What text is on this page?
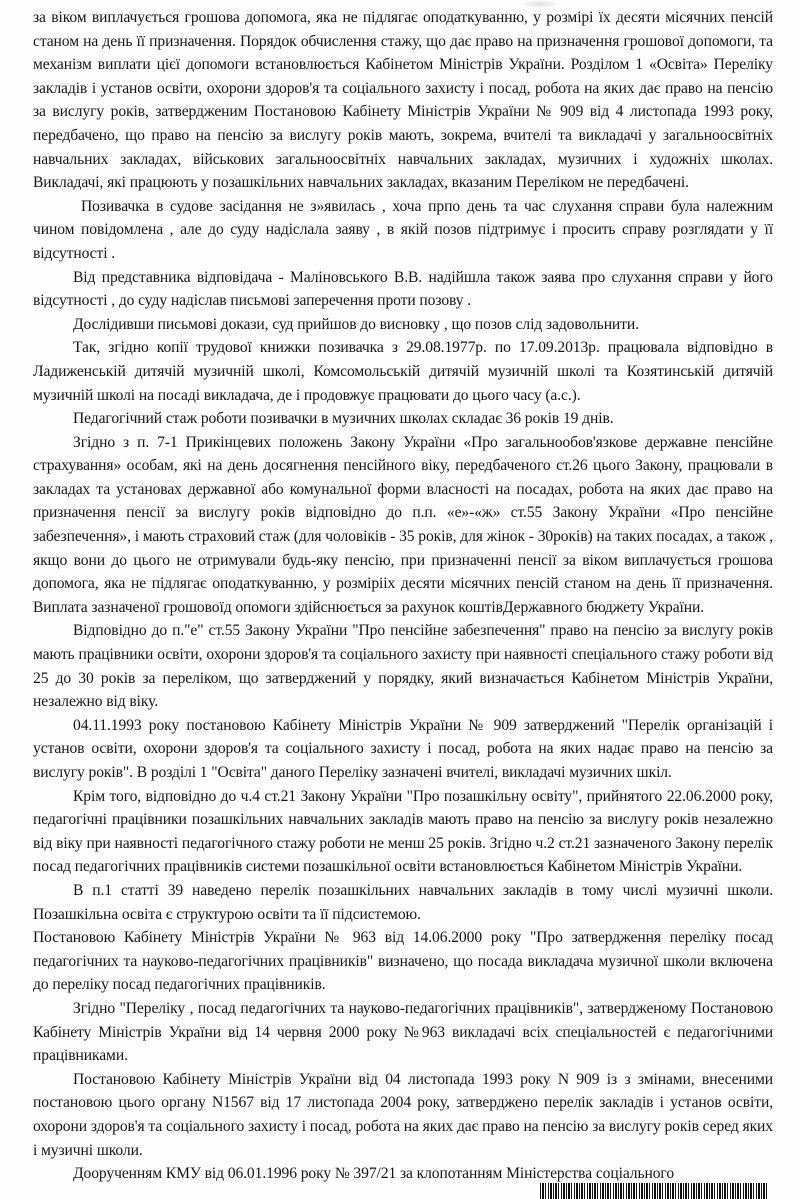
за віком виплачується грошова допомога, яка не підлягає оподаткуванню, у розмірі їх десяти місячних пенсій станом на день її призначення. Порядок обчислення стажу, що дає право на призначення грошової допомоги, та механізм виплати цієї допомоги встановлюється Кабінетом Міністрів України. Розділом 1 «Освіта» Переліку закладів і установ освіти, охорони здоров'я та соціального захисту і посад, робота на яких дає право на пенсію за вислугу років, затвердженим Постановою Кабінету Міністрів України № 909 від 4 листопада 1993 року, передбачено, що право на пенсію за вислугу років мають, зокрема, вчителі та викладачі у загальноосвітніх навчальних закладах, військових загальноосвітніх навчальних закладах, музичних і художніх школах. Викладачі, які працюють у позашкільних навчальних закладах, вказаним Переліком не передбачені.

Позивачка в судове засідання не з»явилась , хоча прпо день та час слухання справи була належним чином повідомлена , але до суду надіслала заяву , в якій позов підтримує і просить справу розглядати у її відсутності .

Від представника відповідача - Маліновського В.В. надійшла також заява про слухання справи у його відсутності , до суду надіслав письмові заперечення проти позову .

Дослідивши письмові докази, суд прийшов до висновку , що позов слід задовольнити.

Так, згідно копії трудової книжки позивачка з 29.08.1977р. по 17.09.2013р. працювала відповідно в Ладиженській дитячій музичній школі, Комсомольській дитячій музичній школі та Козятинській дитячій музичній школі на посаді викладача, де і продовжує працювати до цього часу (а.с.).

Педагогічний стаж роботи позивачки в музичних школах складає 36 років 19 днів.

Згідно з п. 7-1 Прикінцевих положень Закону України «Про загальнообов'язкове державне пенсійне страхування» особам, які на день досягнення пенсійного віку, передбаченого ст.26 цього Закону, працювали в закладах та установах державної або комунальної форми власності на посадах, робота на яких дає право на призначення пенсії за вислугу років відповідно до п.п. «е»-«ж» ст.55 Закону України «Про пенсійне забезпечення», і мають страховий стаж (для чоловіків - 35 років, для жінок - 30років) на таких посадах, а також , якщо вони до цього не отримували будь-яку пенсію, при призначенні пенсії за віком виплачується грошова допомога, яка не підлягає оподаткуванню, у розмірііх десяти місячних пенсій станом на день її призначення. Виплата зазначеної грошовоїд опомоги здійснюється за рахунок коштівДержавного бюджету України.

Відповідно до п."е" ст.55 Закону України "Про пенсійне забезпечення" право на пенсію за вислугу років мають працівники освіти, охорони здоров'я та соціального захисту при наявності спеціального стажу роботи від 25 до 30 років за переліком, що затверджений у порядку, який визначається Кабінетом Міністрів України, незалежно від віку.

04.11.1993 року постановою Кабінету Міністрів України № 909 затверджений "Перелік організацій і установ освіти, охорони здоров'я та соціального захисту і посад, робота на яких надає право на пенсію за вислугу років". В розділі 1 "Освіта" даного Переліку зазначені вчителі, викладачі музичних шкіл.

Крім того, відповідно до ч.4 ст.21 Закону України "Про позашкільну освіту", прийнятого 22.06.2000 року, педагогічні працівники позашкільних навчальних закладів мають право на пенсію за вислугу років незалежно від віку при наявності педагогічного стажу роботи не менш 25 років. Згідно ч.2 ст.21 зазначеного Закону перелік посад педагогічних працівників системи позашкільної освіти встановлюється Кабінетом Міністрів України.

В п.1 статті 39 наведено перелік позашкільних навчальних закладів в тому числі музичні школи. Позашкільна освіта є структурою освіти та її підсистемою.

Постановою Кабінету Міністрів України № 963 від 14.06.2000 року "Про затвердження переліку посад педагогічних та науково-педагогічних працівників" визначено, що посада викладача музичної школи включена до переліку посад педагогічних працівників.

Згідно "Переліку , посад педагогічних та науково-педагогічних працівників", затвердженому Постановою Кабінету Міністрів України від 14 червня 2000 року №963 викладачі всіх спеціальностей є педагогічними працівниками.

Постановою Кабінету Міністрів України від 04 листопада 1993 року N 909 із з змінами, внесеними постановою цього органу N1567 від 17 листопада 2004 року, затверджено перелік закладів і установ освіти, охорони здоров'я та соціального захисту і посад, робота на яких дає право на пенсію за вислугу років серед яких і музичні школи.

Доорученням КМУ від 06.01.1996 року № 397/21 за клопотанням Міністерства соціального
